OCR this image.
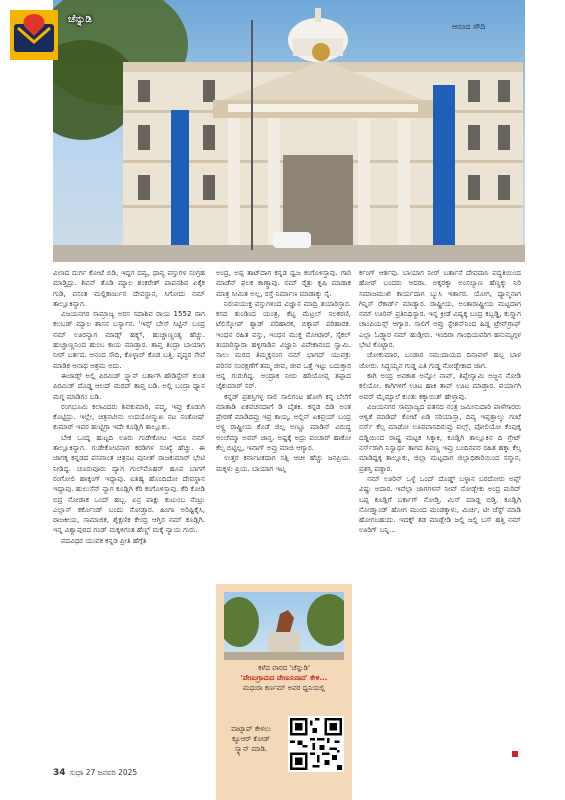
ಚೆನ್ನುಡಿ
ಆನಂದ ಸೌದಿ

ವಿಲಾದ ದುರ್ಗ ಕೋಟೆ ಬಿಡಿ, ಇದ್ದಗ ದವ್ವ, ಧಾನ್ಯ ವಸ್ತುಗಳ ಸಂಗ್ರಹ ಮಾಡ್ತಿದ್ರು. ಶಿವನ್ ತೊಡಿ ಮ್ಯಾಲ ಶಂಕರೇಶ್ ಪಾವನಶಿವ ಏಕೈಕ ಗುಡಿ, ವಸಂತ ಮಲ್ಲಿಕಾರ್ಜುನ ದೇವಸ್ಥಾನ, ಸಿಗೋದು ನಮ್ ತಾಲ್ಲೂಕಿನ್ಯಾಗ.

ವಿಜಯನಗರ ಸಾಮ್ರಾಜ್ಯ ಅರಸ ಸದಾಶಿವ ರಾಯ 1552 ರಾಗ ಕಲಬಡ್ ಮ್ಯಾಲ ಶಾಸನ ಬರ್ಸ್ಯಾನ. 'ಇನ್ಸ್ ಬೇಸ್ ಸಿಟ್ಟಿನ್ ಬಂದ್ರ ನಮ್ ಊರನ್ಯಾಗ ಮಾಡ್ಸ್ ಹಕ್ಕ್ಸ್, ಹುಚ್ಚಾಣ್ಣಂತ್ಯ ಹೆಚ್ಚು. ಹುಚ್ಚಾಣ್ಣನಿಂದ ಹುಂಬ ಕಾಯ ಮಾಡ್ತಾರ. ತಾಪ್ತ ತಿಂದ್ರಾ ಬಾಯಾಗ ನೀರ್ ಬರ್ತದ. ಆನಂದ ಸೌದಿ, ಕೊಳ್ಳಾರ್ ಕೊಡ ಬತ್ತಿ. ವೃದ್ಧರ ಸೇವೆ ಮಾಡಿಕ ಆನಾಥ ಆಶ್ರಮ ಅದು.

ಈಜಾಡ್ಸ್ ಅಲ್ಲಿ ಪಿರಮಿಡ್ ಸ್ಪ್ಯಾನ್ ಬರ್ತಾಗಿ ಹೌಡಿಸ್ಟೇನ್ ಕುಂತ ಪಿರಮಿಡ್ ದೊಡ್ಡ ಆಲದ್ ಮರದ್ ತಾಪ್ತ ಬಡಿ. ಅಲ್ಲಿ ಬಂದ್ರಾ ಧ್ಯಾನ ಮಗ್ನ ಮಾಡಿಗಂ ಬಡಿ.

ರಂಗಭೂಮಿ ಕಲಾವಿದರು ಶಿವಕುಮಾರಿ, ಪದ್ಮ, ಇವ್ರು ಕೊಡುಗಿ ಕೊಟ್ಟಿದ್ರು. ಇಲ್ಲೇ, ಚಿತ್ರನಟೀನು ಉದಯೋನ್ಮುಖ ನಟ ಸಂತೋಷ್ ಕುಮಾರ್ ಇವರ ಹುಟ್ಟಿಗ್ರಾ ಇದೇ ಕೂಡ್ಲಿಗಿ ತಾಲ್ಲೂಕು.

ಬೇಕ ಒಂದ್ನ ಹುಟ್ಟದಿ ಊರು ಗುಡೇಕೋಟ ಇದೂ ನಮ್ ತಾಲ್ಲೂಕಿನ್ಯಾಗ. ಗುಡೇಕೋಟಿನಾಗ ಕರಡಿಗಳ ಸಂಖ್ಯೆ ಹೆಚ್ಚು. ಈ ಜಾಗಕ್ಕ ಕನ್ನಡದ ಪಸವಾಂತ ಚಿತ್ರನಟ ಪುನೀತ್ ರಾಜಕುಮಾರ್ ಭೇಟಿ ನೀಡಿದ್ದ. ಚೂರುವೂರು ದ್ಯಾಗ ಗುಲ್‌ಮೊಹರ್ ಹೂವ ಬಾಗಗೆ ರಂಗೋಲಿ ಹಾಕ್ಕಂಗ್ ಇದ್ದಾವು. ಐತಿಹ್ಯ ಹೊಂದಿದೋ ದೇವಸ್ಥಾನ ಇದ್ದಾವು. ಹುಲುಸೆನ್ ನ್ಯಾಗ ಕೂಡ್ಲಿಗಿ ಕೆರಿ ಕಂಗೊಳಿಸ್ತಾವು. ಕೆರಿ ಕೋಡಿ ಬಿದ್ರ ನೋಡಾಕ ಒಂದ್ ಹಬ್ಬ. ಏನ್ರ ಪಾಕ್ಲು ಕುಟುಂಬ ನೆಂಟ್ರು ಎಲ್ಲಾನ್ ಕರ್ಕೊಂಡ್ ಬಂದು ನೋಡ್ತಾರ. ಹಿಂಗಾ ಅರಿಷ್ಟಿಕೈಸಿ, ರಾಜಕೀಯ, ಸಾಮಾಜಿಕ, ಶೈಕ್ಷಣಿಕ ಕೇಂದ್ರ ಆಗ್ತಿರ ನಮ್ ಕೂಡ್ಲಿಗಿ. ಇನ್ನ ವಿಶ್ವಾಪುರದ ಗಂಡ್ ಮಕ್ಕಳಿಗಂತ ಹೆಣ್ಣ್ ಮಕ್ಕೆ ನ್ಯಾಯ ಗುರು.

ಪದವಿಧರ ಯುವಕ ಕನ್ನಡ ಪ್ರೀತಿ ಹೆಗ್ಗೆತಿ

ಅಂದ್ರ, ಅಪ್ಪ ತಾಟ್‌ದಾಗ ಕನ್ನಡ ಧ್ವಜ ಕಂಗೊಳಿಸ್ತಾವು. ಗಾರಿ ಮಾಡೆನ್ ಫಲಕ ಕಾಣ್ಸ್ತಾವು. ನಮ್ ರೈತ್ರು ಕೃಷಿ ಮಾಡಾಕ ಮಾತ್ರ ಸೀಮಿತ ಅಲ್ಲ, ರಸ್ತೆ ನಿರ್ಮಾಣ ಮಾಡಾಕ್ಕು ಸೈ.

ನಿರುಪಯುಕ್ತ ವಸ್ತುಗಳಿಂದ ವಿಜ್ಞಾನ ಮಾದ್ರಿ ತಯಾರಿಸ್ತಾರ. ಕಸದ ತುಂಡಿಂದ ಯಂತ್ರ, ಕೆಟ್ಟ ಮೆಟ್ರಲ್ ಸಲಕರಣಿ, ಟೆಲಿಸ್ಕೋಪ್ ಶ್ಯಾಡ್ ಪರಿಹಾರಕ, ಬಿಕ್ಕಾಪ್ ಪರಿಹಾರಕ. ಇಂಧನ ರಹಿತ ವಸ್ತು, ಇಂಧನ ಮುಕ್ತ ಮೋಟಾರ್, ಸೈಕಲ್ ತಯಾರಿಸ್ಯಾರಾ ಹಳ್ಳಿಗಾಡಿನ ವಿಜ್ಞಾನಿ ವಿವೇಕಾನಂದ ಸ್ವಾಮಿ. ಸಾಲು ಮರದ ತಿಮ್ಮಕ್ಕನಂಗ ನಮ್ ಭಾಗದ್ ಯುವಕ್ರು ಪರಿಸರ ಸಂರಕ್ಷಣೆಗೆ ತಮ್ಮ ಜೀವ, ಜೀವ ಒತ್ತೆ ಇಟ್ಟು ಬದುಕ್ತಾರ ಆನ್ನ ಗುರುಗಿದ್ದ. ಅಂದ್ರಾಕ ನೀರು ಹರಿಯೋವ್ಸ ತಪ್ಪಾದ ಜೈಕುಮಾರ್ ಸರ್.

ಕನ್ನಡ್ ಪ್ರಶಸ್ತಿಗಳ್ಳ ಸಾಲಿ ಸಾಲಿಗಂಟ ಹೋಗಿ ಕನ್ನ ಬೆಲೆಗೆ ಮಾತಾಡಿ ಏಕವಚನದಾಗೆ ಡಿ ಬೈತಕಿ. ಕನ್ನಡ ದಿಡಿ ಅಂತ ಪ್ರೇರಣೆ ಮಾಡಿದವ್ರು ಇವ್ರ ಕಾಯ್ಕ. ಅಲ್ಲಿನ್ ಏಕಪ್ರಯ್ ಬಂದ್ರ ಅಳ್ದ್ರ ರಾಷ್ಟ್ರೀಯ ಕೊಡೆ ಜಿಲ್ಲ ಅಣ್ಣೂ ಮಾಡಿನ್ ವಿರುದ್ಧ ಅಂಚೆಮ್ಮಾ ಅವರ್ ಜಾಸ್ತ. ಅಷ್ಟಕ್ಕೆ ಅದ್ರು ಪಂಚಾರ್ ಹಾಕೋ ಕೆಲ್ಸ ಬಿಟ್ಟಿಲ್ಲ, ಇವಾಗ್ ಅವ್ರು ಮಾಜಿ ಆಗ್ಯಾರ.

ಉತ್ತರ ಕರ್ನಾಟಕದಾಗ ಸತ್ಲಿ ಆಚೀ ಹೆಚ್ಚು ಜನಪ್ರಿಯ. ಮಕ್ಕಳು ಪ್ರಿಯ. ಬಾಯಾಗ ಇಟ್ಕ

ರ್ಕಂಗ್ ಆರ್ತವು. ಬಾಯಾಗ ನೀರ್ ಬರ್ತಾನೆ ದೇವದಾಸಿ ಪದ್ಧತಿಯಿಂದ ಹೋರ್ ಬಂದರು ಆದರಾ. ಅಕ್ಕರಕ್ಕಾ ಅಂಸಲ್ಯಾಣ ಹೆಣ್ಣಕ್ಕು ನಿರಿ ಸಮಾಜಮುಖಿ ಕಾರ್ಯದಾಗ ಬ್ಯುಸಿ ಇರ್ತಾರ. ಯೋಗ, ಧ್ಯಾನ್ಮನಾಗ ಗಿನ್ನಿಸ್ ರೆಕಾರ್ಡ್ ಮಾಡ್ಯಾರ. ರಾಷ್ಟ್ರೀಯ, ಅಂತಾರಾಷ್ಟ್ರೀಯ ಮಟ್ಟದಾಗ ನಮ್ ಊರಿನ್ ಪ್ರತಿನಿಧಿಸ್ಯಾರ. ಇನ್ನ ಕ್ರೀಡೆ ವಿಷ್ಯಕ್ಕ ಬಂದ್ರ ಕಬ್ಬಡ್ಡಿ, ಕುಸ್ತ್ಯಾಗ ಚಾಂಪಿಯನ್ಸ್ ಆಗ್ಯಾರ. ಸಾಲಿಗೆ ಅವ್ರು ಸ್ಟೇಶನ್‌ನಿಂದ ಹಿಡ್ದ ಟ್ರೇನ್‌ಗ್ರಾಫ್ ಎಲ್ಲಾ ಓಡ್ಸ್ಯಾರ ನಮ್ ಹುಡ್ಗೀರು. ಇಂದಿರಾ ಗಾಂಧಿಯವರಿಗ ಹನುಮ್ಯಗ್ಗಳ ಭೇಟಿ ಕೊಟ್ಟಾರ.

ಜೋಕುಮಾರ, ಬಂಡಾರ ಸಮುದಾಯದ ದಿನಾವಳ್ ಹಬ್ಬ ಬಾಳ ಜೋರು. ಸಿದ್ಧಯ್ಯನ ಗುಡ್ಡ ಎತಿ ಗುಡ್ಡ ನೋಡ್ಬೇಕಾದ ಜಾಗ.

ಕಾಗಿ ಅಂದ್ರ ಅವಕಾಶ ಅನ್ನೋ ನಾವ್, ತಿಪ್ಪೇಸ್ವಾಮಿ ಅಜ್ಜನ ನೋಡಿ ಕಲಿಯೋ. ಕಾಗಿಗಳಿಗೆ ಊಟ ಹಾಕಿ ತಾವ್ ಊಟ ಮಾಡ್ತಾರ. ಪರ್ಯಾಗಿ ಅವರ್ ಮೈಮ್ಯಾಲೆ ಕುಂತು ಕಕ್ಕಾಯಿತ್ ಹೇಳ್ತಾವು.

ವಿಜಯನಗರ ಸಾಮ್ರಾಜ್ಯದ ಪತನದ ನಂತ್ರ ಜಮೀನುದಾರಿ ಪಾಳೆಗಾರರು ಆಳ್ವಿಕೆ ಮಾಡಿದ್ ಕೋಟೆ ಏಡಿ ಸರಿಯಾಸ್ತಾ, ದಿವ್ಯ ಇಪ್ಪತ್ತಾಲ್ಕು ಗಂಟೆ ನರ್ಸ್ ಕೆಲ್ಸ ಮಾಡೋ ಊಪವಾಸದಿರುವ್ರು ಪಲ್ಸ್, ಪೋಲಿಯೋ ಕೆಂಪುಕ್ಕ ದಡ್ಡಿಯಿಂದ ರಾಷ್ಟ್ರ ಮಟ್ಟಕ ಸಿಕ್ಕಾಕಿ, ಕೂಡ್ಲಿಗಿ ತಾಲ್ಲೂಕಿನ ದಿ ಗ್ರೇಟ್ ನರ್ಸ್‌ರಾಗಿ ನಿಸ್ವಾರ್ಥ ತಾಗದ ಶಿವಣ್ಣ ಇವ್ರು ಬಂದಿನವರ ರಹಿತ ಹಕ್ಕಾ ಕೆಲ್ಸ ಮಾಡಿದ್ದಕ್ಕ ತಾಲ್ಲೂಕು, ಜಿಲ್ಲಾ ಮಟ್ಟದಾಗ ಜಿಲ್ಲಾಧಿಕಾರಿಯಿಂದ ಸನ್ಮಾನ, ಪ್ರಶಸ್ತಿ ಪಡ್ದಾರ.

ನಮ್ ಊರಿನ್ ಒಳ್ಳೆ ಒಂದ್ ದೊಡ್ಡ್ ಬಳ್ಳಾನ ಬರದೋರು ಅಪ್ಪ್ ವಿಷ್ಣು ಅದಾರ. ಇವೆಲ್ಲಾ ಜಾಗಗಳನ್ ನೀವ್ ನೋಡ್ಬೇಕು ಅಂದ್ರ ಮರಿದ್ ಬಪ್ಪ ಕೂಡ್ಲಿಗೆ ಬರ್ಕಾಗ್ ನೋಡ್ತಿ. ಮಿಸ್ ಮಾಡ್ದ ಬಿಡ್ತಿ. ಕೂಡ್ಲಿಗಿ ನೋಡ್ತ್ಯಾಂಡ್ ಹೋಗ ಮುಂದ ಮಂಡಕ್ಕಾಳು, ಮಿರ್ಚಿ, ಟೀ ಜೆಸ್ಟ್ ಮಾಡಿ ಹೋಗಬಹುದು. ಇದಕ್ಕ್ ತಡ ಮಾಡ್ಬೇಡಿ ಜಲ್ದಿ ಜಲ್ದಿ ಬಸ್ ಹತ್ತಿ ನಮ್ ಊರಿಗ್ ಬನ್ನಿ...

ಕಳೆದ ವಾರದ 'ಚೆನ್ನುಡಿ'
'ವೇಣುಗ್ರಾಮದ ವೇಣುನಿನಾದ' ಕೇಳಿ...
ಮಧುರಾ ಕರ್ಣಮ್ ಅವರ ಧ್ವನಿಯಲ್ಲಿ
ವಾಟ್ಸಾಪ್ ಕೇಳಲು ಕ್ಯೂಆರ್ ಕೋಡ್ ಸ್ಕ್ಯಾನ್ ಮಾಡಿ.
34 ಸುಧಾ 27 ಜನವರಿ 2025
